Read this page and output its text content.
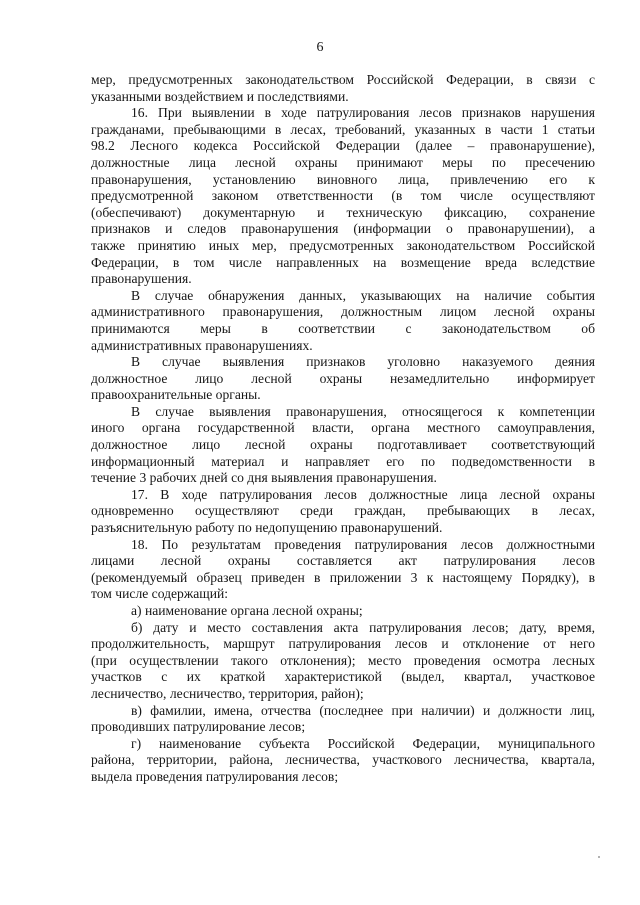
6
мер, предусмотренных законодательством Российской Федерации, в связи с
указанными воздействием и последствиями.
16. При выявлении в ходе патрулирования лесов признаков нарушения
гражданами, пребывающими в лесах, требований, указанных в части 1 статьи
98.2 Лесного кодекса Российской Федерации (далее – правонарушение),
должностные лица лесной охраны принимают меры по пресечению
правонарушения, установлению виновного лица, привлечению его к
предусмотренной законом ответственности (в том числе осуществляют
(обеспечивают) документарную и техническую фиксацию, сохранение
признаков и следов правонарушения (информации о правонарушении), а
также принятию иных мер, предусмотренных законодательством Российской
Федерации, в том числе направленных на возмещение вреда вследствие
правонарушения.
В случае обнаружения данных, указывающих на наличие события
административного правонарушения, должностным лицом лесной охраны
принимаются меры в соответствии с законодательством об
административных правонарушениях.
В случае выявления признаков уголовно наказуемого деяния
должностное лицо лесной охраны незамедлительно информирует
правоохранительные органы.
В случае выявления правонарушения, относящегося к компетенции
иного органа государственной власти, органа местного самоуправления,
должностное лицо лесной охраны подготавливает соответствующий
информационный материал и направляет его по подведомственности в
течение 3 рабочих дней со дня выявления правонарушения.
17. В ходе патрулирования лесов должностные лица лесной охраны
одновременно осуществляют среди граждан, пребывающих в лесах,
разъяснительную работу по недопущению правонарушений.
18. По результатам проведения патрулирования лесов должностными
лицами лесной охраны составляется акт патрулирования лесов
(рекомендуемый образец приведен в приложении 3 к настоящему Порядку), в
том числе содержащий:
а) наименование органа лесной охраны;
б) дату и место составления акта патрулирования лесов; дату, время,
продолжительность, маршрут патрулирования лесов и отклонение от него
(при осуществлении такого отклонения); место проведения осмотра лесных
участков с их краткой характеристикой (выдел, квартал, участковое
лесничество, лесничество, территория, район);
в) фамилии, имена, отчества (последнее при наличии) и должности лиц,
проводивших патрулирование лесов;
г) наименование субъекта Российской Федерации, муниципального
района, территории, района, лесничества, участкового лесничества, квартала,
выдела проведения патрулирования лесов;
